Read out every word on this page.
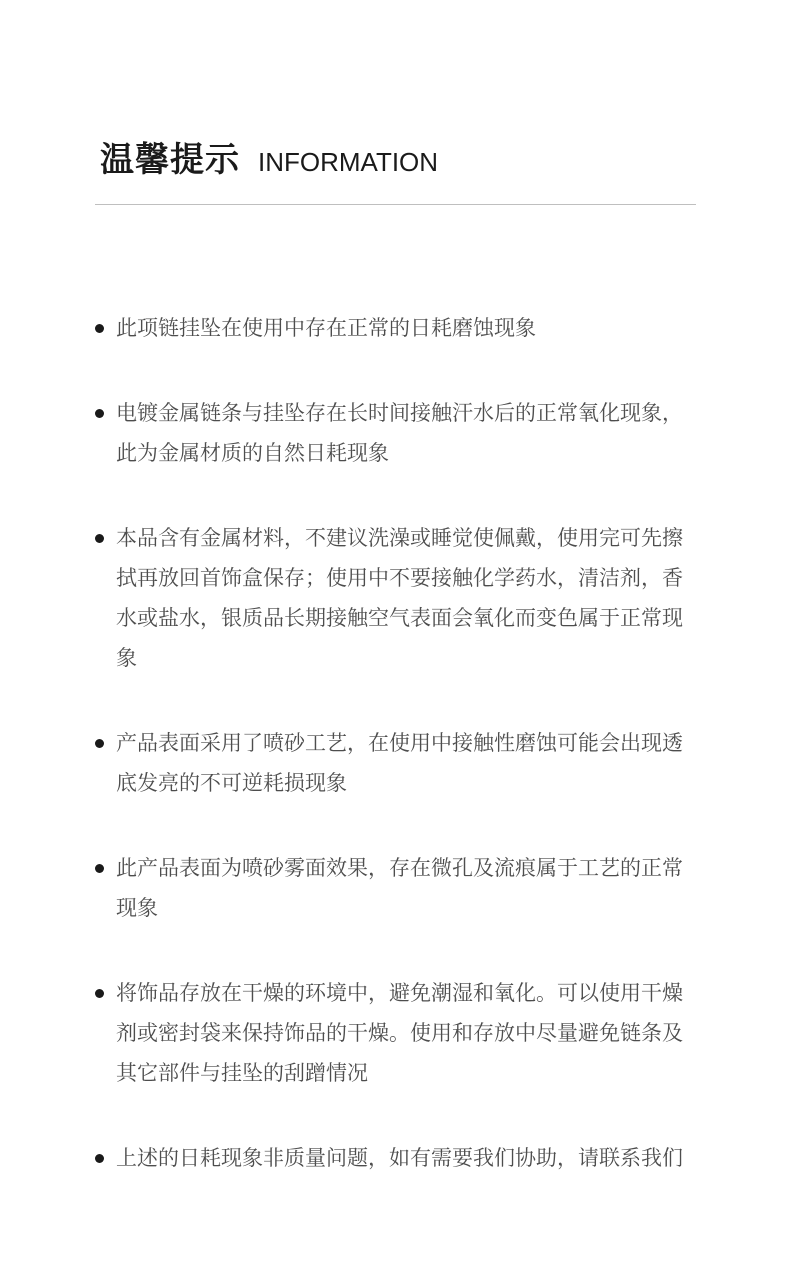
温馨提示 INFORMATION
此项链挂坠在使用中存在正常的日耗磨蚀现象
电镀金属链条与挂坠存在长时间接触汗水后的正常氧化现象，此为金属材质的自然日耗现象
本品含有金属材料，不建议洗澡或睡觉使佩戴，使用完可先擦拭再放回首饰盒保存；使用中不要接触化学药水，清洁剂，香水或盐水，银质品长期接触空气表面会氧化而变色属于正常现象
产品表面采用了喷砂工艺，在使用中接触性磨蚀可能会出现透底发亮的不可逆耗损现象
此产品表面为喷砂雾面效果，存在微孔及流痕属于工艺的正常现象
将饰品存放在干燥的环境中，避免潮湿和氧化。可以使用干燥剂或密封袋来保持饰品的干燥。使用和存放中尽量避免链条及其它部件与挂坠的刮蹭情况
上述的日耗现象非质量问题，如有需要我们协助，请联系我们
